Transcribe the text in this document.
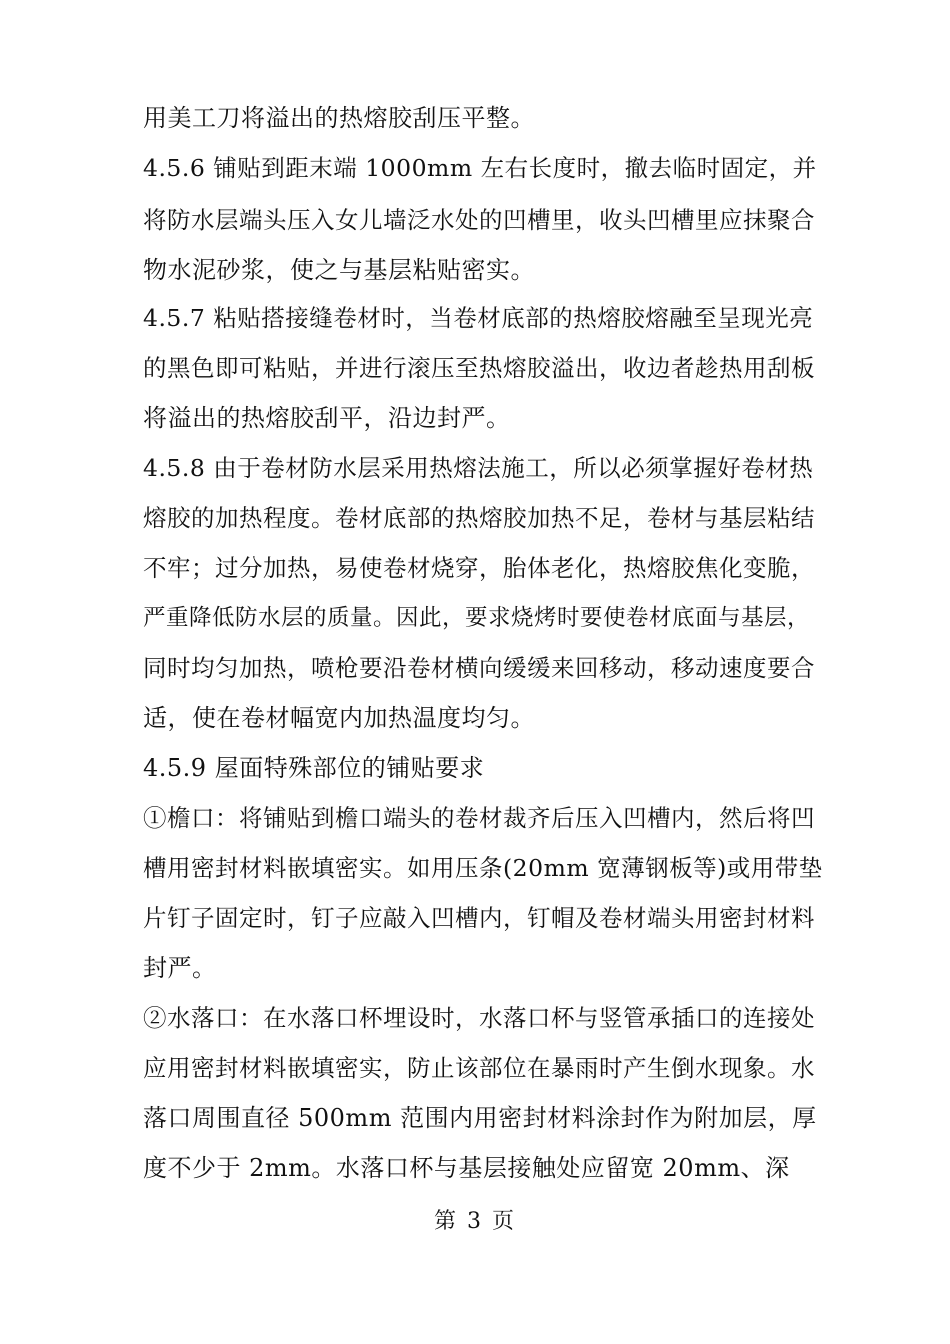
用美工刀将溢出的热熔胶刮压平整。
4.5.6 铺贴到距末端 1000mm 左右长度时，撤去临时固定，并
将防水层端头压入女儿墙泛水处的凹槽里，收头凹槽里应抹聚合
物水泥砂浆，使之与基层粘贴密实。
4.5.7 粘贴搭接缝卷材时，当卷材底部的热熔胶熔融至呈现光亮
的黑色即可粘贴，并进行滚压至热熔胶溢出，收边者趁热用刮板
将溢出的热熔胶刮平，沿边封严。
4.5.8 由于卷材防水层采用热熔法施工，所以必须掌握好卷材热
熔胶的加热程度。卷材底部的热熔胶加热不足，卷材与基层粘结
不牢；过分加热，易使卷材烧穿，胎体老化，热熔胶焦化变脆，
严重降低防水层的质量。因此，要求烧烤时要使卷材底面与基层，
同时均匀加热，喷枪要沿卷材横向缓缓来回移动，移动速度要合
适，使在卷材幅宽内加热温度均匀。
4.5.9 屋面特殊部位的铺贴要求
①檐口：将铺贴到檐口端头的卷材裁齐后压入凹槽内，然后将凹
槽用密封材料嵌填密实。如用压条(20mm 宽薄钢板等)或用带垫
片钉子固定时，钉子应敲入凹槽内，钉帽及卷材端头用密封材料
封严。
②水落口：在水落口杯埋设时，水落口杯与竖管承插口的连接处
应用密封材料嵌填密实，防止该部位在暴雨时产生倒水现象。水
落口周围直径 500mm 范围内用密封材料涂封作为附加层，厚
度不少于 2mm。水落口杯与基层接触处应留宽 20mm、深
第 3 页
